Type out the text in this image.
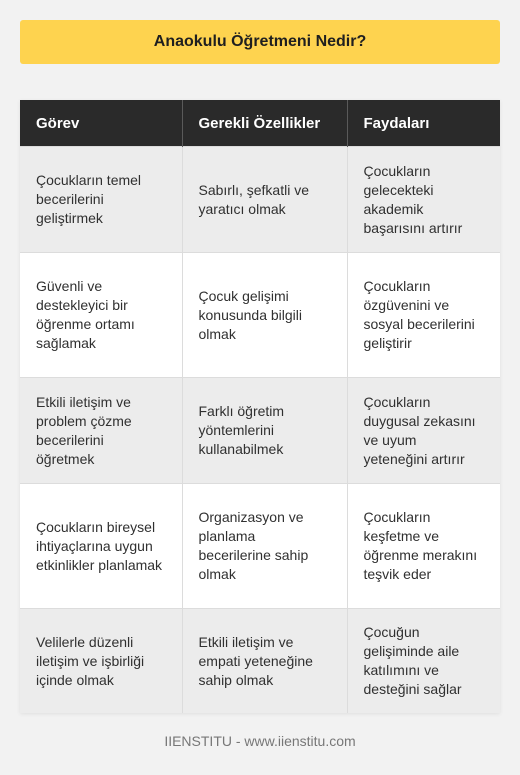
Anaokulu Öğretmeni Nedir?
Görev	Gerekli Özellikler	Faydaları
Çocukların temel becerilerini geliştirmek	Sabırlı, şefkatli ve yaratıcı olmak	Çocukların gelecekteki akademik başarısını artırır
Güvenli ve destekleyici bir öğrenme ortamı sağlamak	Çocuk gelişimi konusunda bilgili olmak	Çocukların özgüvenini ve sosyal becerilerini geliştirir
Etkili iletişim ve problem çözme becerilerini öğretmek	Farklı öğretim yöntemlerini kullanabilmek	Çocukların duygusal zekasını ve uyum yeteneğini artırır
Çocukların bireysel ihtiyaçlarına uygun etkinlikler planlamak	Organizasyon ve planlama becerilerine sahip olmak	Çocukların keşfetme ve öğrenme merakını teşvik eder
Velilerle düzenli iletişim ve işbirliği içinde olmak	Etkili iletişim ve empati yeteneğine sahip olmak	Çocuğun gelişiminde aile katılımını ve desteğini sağlar
IIENSTITU - www.iienstitu.com
